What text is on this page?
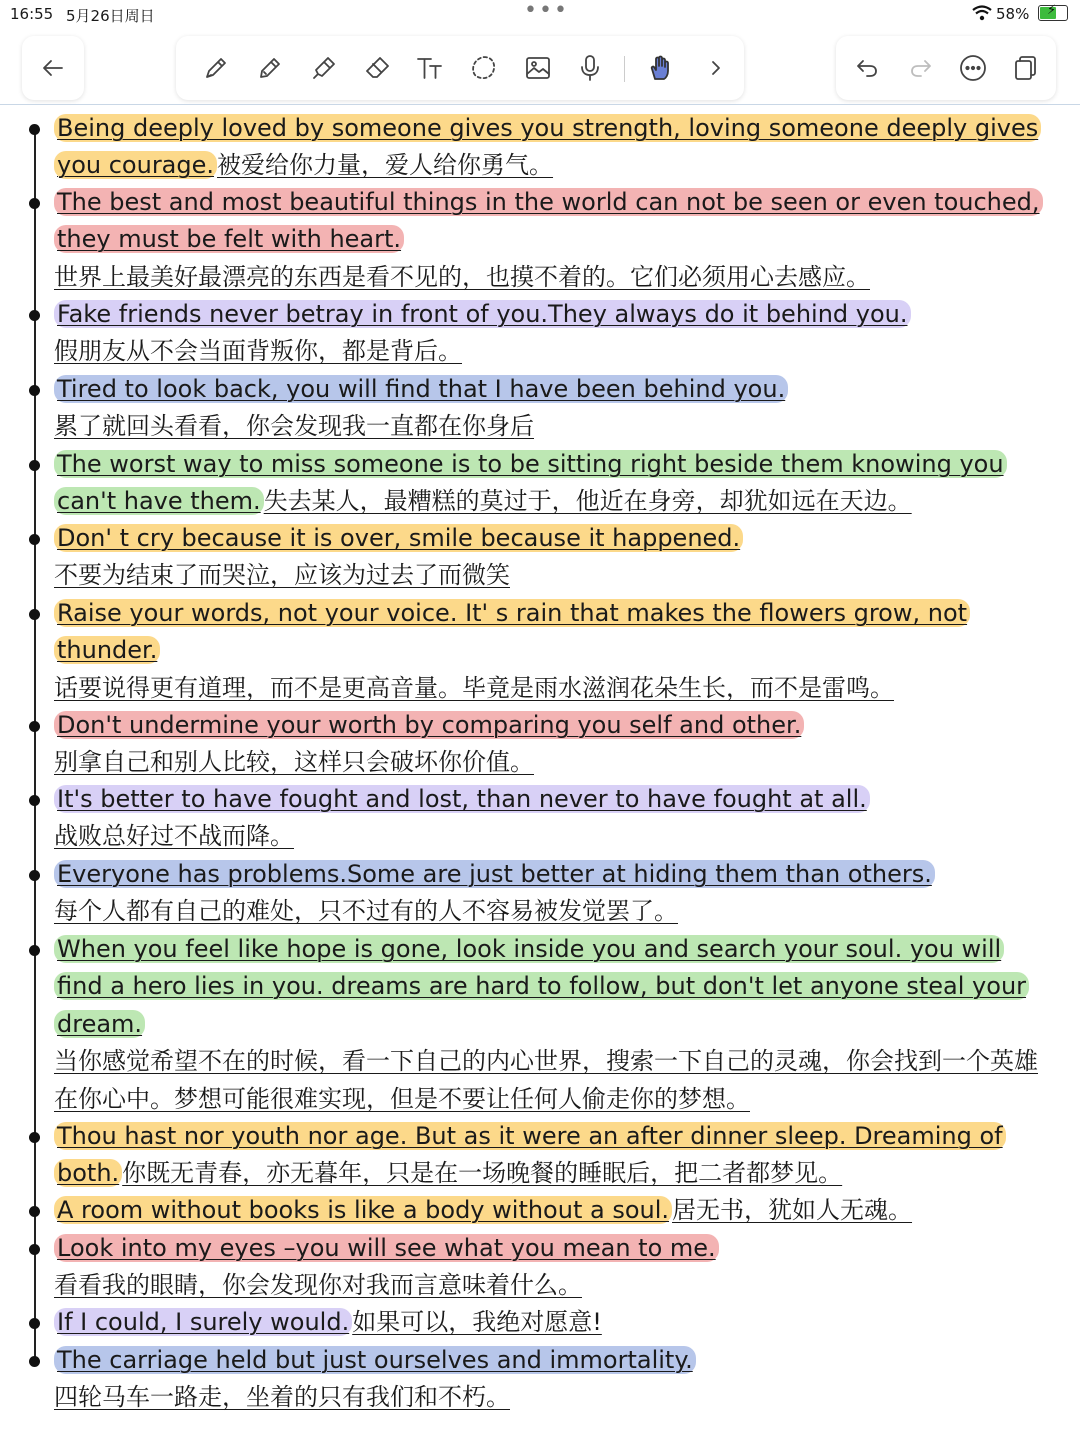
16:55 5月26日周日	•••	58% ⚡

Being deeply loved by someone gives you strength, loving someone deeply gives you courage. 被爱给你力量，爱人给你勇气。

The best and most beautiful things in the world can not be seen or even touched, they must be felt with heart.
世界上最美好最漂亮的东西是看不见的，也摸不着的。它们必须用心去感应。

Fake friends never betray in front of you.They always do it behind you.
假朋友从不会当面背叛你，都是背后。

Tired to look back, you will find that I have been behind you.
累了就回头看看，你会发现我一直都在你身后

The worst way to miss someone is to be sitting right beside them knowing you can't have them. 失去某人，最糟糕的莫过于，他近在身旁，却犹如远在天边。

Don' t cry because it is over, smile because it happened.
不要为结束了而哭泣，应该为过去了而微笑

Raise your words, not your voice. It' s rain that makes the flowers grow, not thunder.
话要说得更有道理，而不是更高音量。毕竟是雨水滋润花朵生长，而不是雷鸣。

Don't undermine your worth by comparing you self and other.
别拿自己和别人比较，这样只会破坏你价值。

It's better to have fought and lost, than never to have fought at all.
战败总好过不战而降。

Everyone has problems.Some are just better at hiding them than others.
每个人都有自己的难处，只不过有的人不容易被发觉罢了。

When you feel like hope is gone, look inside you and search your soul. you will find a hero lies in you. dreams are hard to follow, but don't let anyone steal your dream.
当你感觉希望不在的时候，看一下自己的内心世界，搜索一下自己的灵魂，你会找到一个英雄在你心中。梦想可能很难实现，但是不要让任何人偷走你的梦想。

Thou hast nor youth nor age. But as it were an after dinner sleep. Dreaming of both. 你既无青春，亦无暮年，只是在一场晚餐的睡眠后，把二者都梦见。

A room without books is like a body without a soul. 居无书，犹如人无魂。

Look into my eyes –you will see what you mean to me.
看看我的眼睛，你会发现你对我而言意味着什么。

If I could, I surely would. 如果可以，我绝对愿意!

The carriage held but just ourselves and immortality.
四轮马车一路走，坐着的只有我们和不朽。
